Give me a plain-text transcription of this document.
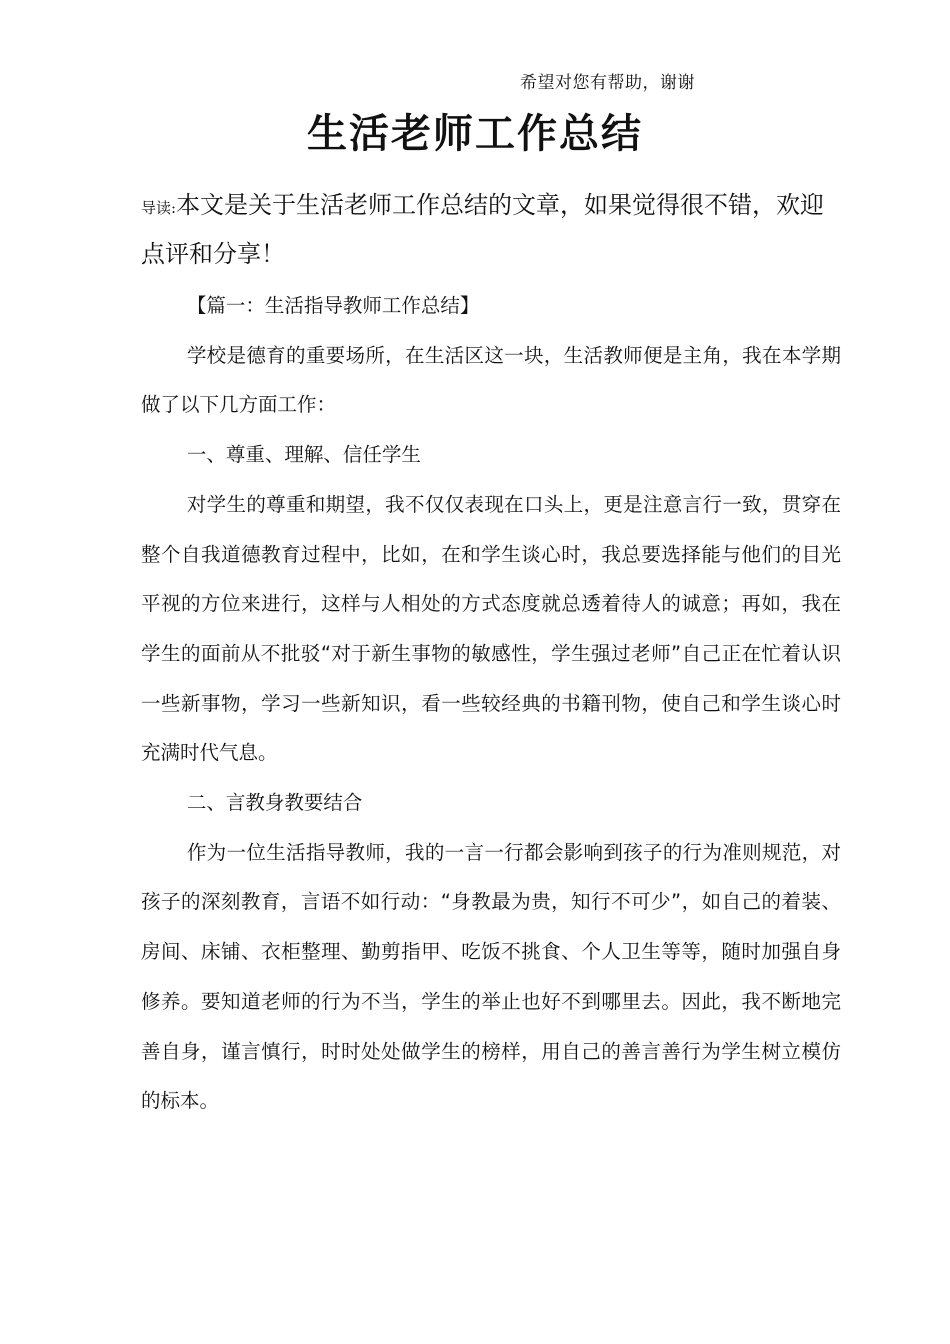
希望对您有帮助，谢谢
生活老师工作总结
导读:本文是关于生活老师工作总结的文章，如果觉得很不错，欢迎点评和分享！

【篇一：生活指导教师工作总结】

学校是德育的重要场所，在生活区这一块，生活教师便是主角，我在本学期做了以下几方面工作：

一、尊重、理解、信任学生

对学生的尊重和期望，我不仅仅表现在口头上，更是注意言行一致，贯穿在整个自我道德教育过程中，比如，在和学生谈心时，我总要选择能与他们的目光平视的方位来进行，这样与人相处的方式态度就总透着待人的诚意；再如，我在学生的面前从不批驳“对于新生事物的敏感性，学生强过老师”自己正在忙着认识一些新事物，学习一些新知识，看一些较经典的书籍刊物，使自己和学生谈心时充满时代气息。

二、言教身教要结合

作为一位生活指导教师，我的一言一行都会影响到孩子的行为准则规范，对孩子的深刻教育，言语不如行动：“身教最为贵，知行不可少”，如自己的着装、房间、床铺、衣柜整理、勤剪指甲、吃饭不挑食、个人卫生等等，随时加强自身修养。要知道老师的行为不当，学生的举止也好不到哪里去。因此，我不断地完善自身，谨言慎行，时时处处做学生的榜样，用自己的善言善行为学生树立模仿的标本。
